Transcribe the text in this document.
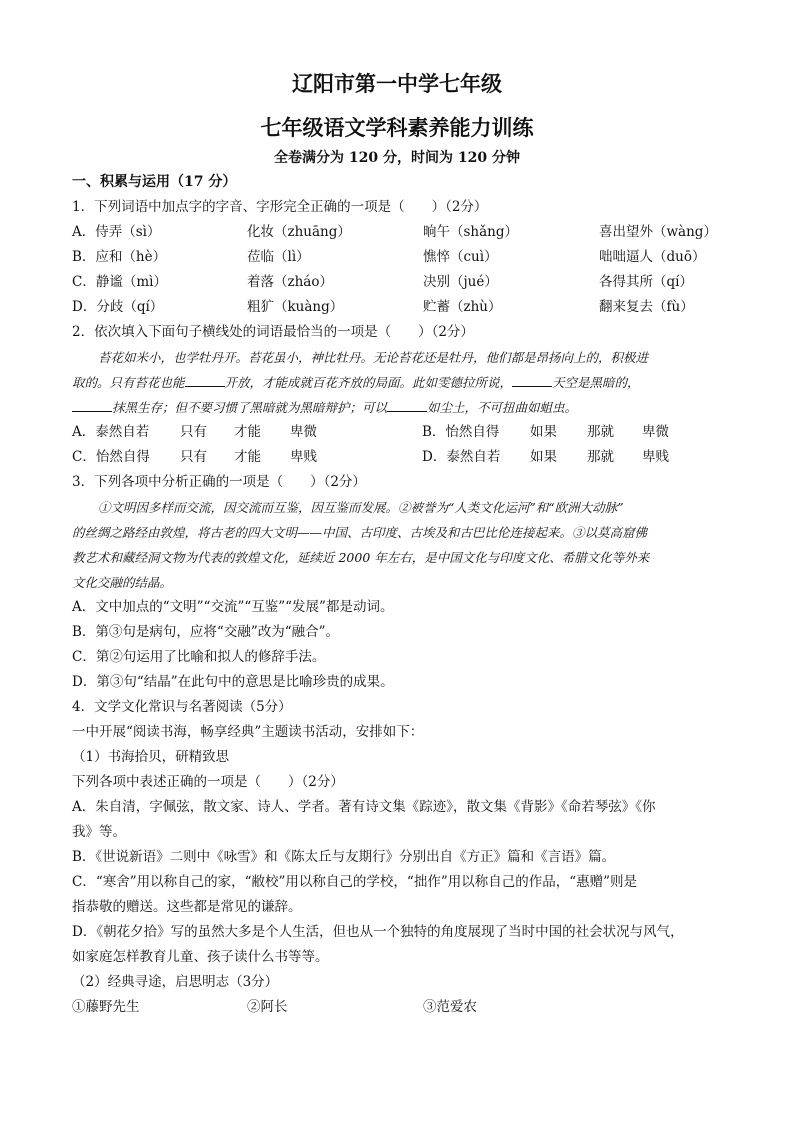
辽阳市第一中学七年级
七年级语文学科素养能力训练
全卷满分为 120 分，时间为 120 分钟
一、积累与运用（17 分）
1．下列词语中加点字的字音、字形完全正确的一项是（　　）（2分）
A．侍弄（sì）	化妆（zhuāng）	晌午（shǎng）	喜出望外（wàng）
B．应和（hè）	莅临（lì）	憔悴（cuì）	咄咄逼人（duō）
C．静谧（mì）	着落（zháo）	决别（jué）	各得其所（qí）
D．分歧（qí）	粗犷（kuàng）	贮蓄（zhù）	翻来复去（fù）
2．依次填入下面句子横线处的词语最恰当的一项是（　　）（2分）
苔花如米小，也学牡丹开。苔花虽小，神比牡丹。无论苔花还是牡丹，他们都是昂扬向上的，积极进
取的。只有苔花也能	开放，才能成就百花齐放的局面。此如雯德拉所说，	天空是黑暗的，
抹黑生存；但不要习惯了黑暗就为黑暗辩护；可以	如尘土，不可扭曲如蛆虫。
A．泰然自若 只有 才能 卑微	B．怡然自得 如果 那就 卑微
C．怡然自得 只有 才能 卑贱	D．泰然自若 如果 那就 卑贱
3．下列各项中分析正确的一项是（　　）（2分）
①文明因多样而交流，因交流而互鉴，因互鉴而发展。②被誉为“人类文化运河”和“欧洲大动脉”
的丝绸之路经由敦煌，将古老的四大文明——中国、古印度、古埃及和古巴比伦连接起来。③以莫高窟佛
教艺术和藏经洞文物为代表的敦煌文化，延续近 2000 年左右，是中国文化与印度文化、希腊文化等外来
文化交融的结晶。
A．文中加点的“文明”“交流”“互鉴”“发展”都是动词。
B．第③句是病句，应将“交融”改为“融合”。
C．第②句运用了比喻和拟人的修辞手法。
D．第③句“结晶”在此句中的意思是比喻珍贵的成果。
4．文学文化常识与名著阅读（5分）
一中开展“阅读书海，畅享经典”主题读书活动，安排如下：
（1）书海拾贝，研精致思
下列各项中表述正确的一项是（　　）（2分）
A．朱自清，字佩弦，散文家、诗人、学者。著有诗文集《踪迹》，散文集《背影》《命若琴弦》《你
我》等。
B．《世说新语》二则中《咏雪》和《陈太丘与友期行》分别出自《方正》篇和《言语》篇。
C．“寒舍”用以称自己的家，“敝校”用以称自己的学校，“拙作”用以称自己的作品，“惠赠”则是
指恭敬的赠送。这些都是常见的谦辞。
D．《朝花夕拾》写的虽然大多是个人生活，但也从一个独特的角度展现了当时中国的社会状况与风气，
如家庭怎样教育儿童、孩子读什么书等等。
（2）经典寻途，启思明志（3分）
①藤野先生	②阿长	③范爱农
